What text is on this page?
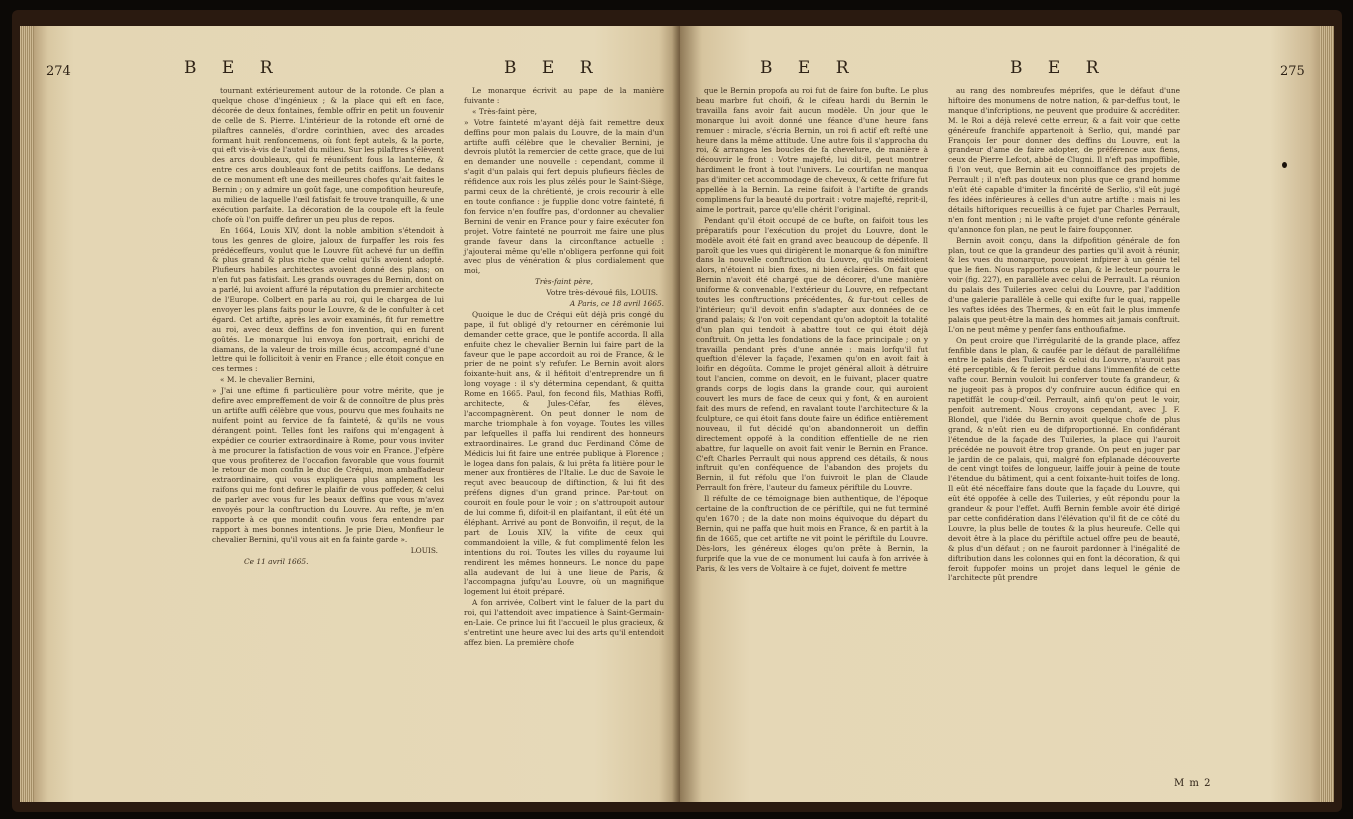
274	B E R	B E R

tournant extérieurement autour de la rotonde. Ce plan a quelque chose d'ingénieux ; & la place qui eft en face, décorée de deux fontaines, femble offrir en petit un fouvenir de celle de S. Pierre. L'intérieur de la rotonde eft orné de pilaftres cannelés, d'ordre corinthien, avec des arcades formant huit renfoncemens, où font fept autels, & la porte, qui eft vis-à-vis de l'autel du milieu. Sur les pilaftres s'élèvent des arcs doubleaux, qui fe réunifsent fous la lanterne, & entre ces arcs doubleaux font de petits caiffons. Le dedans de ce monument eft une des meilleures chofes qu'ait faites le Bernin ; on y admire un goût fage, une compofition heureufe, au milieu de laquelle l'œil fatisfait fe trouve tranquille, & une exécution parfaite. La décoration de la coupole eft la feule chofe où l'on puiffe defirer un peu plus de repos.

En 1664, Louis XIV, dont la noble ambition s'étendoit à tous les genres de gloire, jaloux de furpaffer les rois fes prédéceffeurs, voulut que le Louvre fût achevé fur un deffin & plus grand & plus riche que celui qu'ils avoient adopté. Plufieurs habiles architectes avoient donné des plans; on n'en fut pas fatisfait. Les grands ouvrages du Bernin, dont on a parlé, lui avoient affuré la réputation du premier architecte de l'Europe. Colbert en parla au roi, qui le chargea de lui envoyer les plans faits pour le Louvre, & de le confulter à cet égard. Cet artifte, après les avoir examinés, fit fur remettre au roi, avec deux deffins de fon invention, qui en furent goûtés. Le monarque lui envoya fon portrait, enrichi de diamans, de la valeur de trois mille écus, accompagné d'une lettre qui le follicitoit à venir en France ; elle étoit conçue en ces termes :

« M. le chevalier Bernini,

» J'ai une eftime fi particulière pour votre mérite, que je defire avec empreffement de voir & de connoître de plus près un artifte auffi célèbre que vous, pourvu que mes fouhaits ne nuifent point au fervice de fa fainteté, & qu'ils ne vous dérangent point. Telles font les raifons qui m'engagent à expédier ce courier extraordinaire à Rome, pour vous inviter à me procurer la fatisfaction de vous voir en France. J'efpère que vous profiterez de l'occafion favorable que vous fournit le retour de mon coufin le duc de Créqui, mon ambaffadeur extraordinaire, qui vous expliquera plus amplement les raifons qui me font defirer le plaifir de vous poffeder, & celui de parler avec vous fur les beaux deffins que vous m'avez envoyés pour la conftruction du Louvre. Au refte, je m'en rapporte à ce que mondit coufin vous fera entendre par rapport à mes bonnes intentions. Je prie Dieu, Monfieur le chevalier Bernini, qu'il vous ait en fa fainte garde ».

LOUIS.

Ce 11 avril 1665.

Le monarque écrivit au pape de la manière fuivante :

« Très-faint père,

» Votre fainteté m'ayant déjà fait remettre deux deffins pour mon palais du Louvre, de la main d'un artifte auffi célèbre que le chevalier Bernini, je devrois plutôt la remercier de cette grace, que de lui en demander une nouvelle : cependant, comme il s'agit d'un palais qui fert depuis plufieurs fiècles de réfidence aux rois les plus zélés pour le Saint-Siège, parmi ceux de la chrétienté, je crois recourir à elle en toute confiance : je fupplie donc votre fainteté, fi fon fervice n'en fouffre pas, d'ordonner au chevalier Bernini de venir en France pour y faire exécuter fon projet. Votre fainteté ne pourroit me faire une plus grande faveur dans la circonftance actuelle : j'ajouterai même qu'elle n'obligera perfonne qui foit avec plus de vénération & plus cordialement que moi,

Très-faint père,

Votre très-dévoué fils, LOUIS.

A Paris, ce 18 avril 1665.

Quoique le duc de Créqui eût déjà pris congé du pape, il fut obligé d'y retourner en cérémonie lui demander cette grace, que le pontife accorda. Il alla enfuite chez le chevalier Bernin lui faire part de la faveur que le pape accordoit au roi de France, & le prier de ne point s'y refufer. Le Bernin avoit alors foixante-huit ans, & il héfitoit d'entreprendre un fi long voyage : il s'y détermina cependant, & quitta Rome en 1665. Paul, fon fecond fils, Mathias Roffi, architecte, & Jules-Céfar, fes élèves, l'accompagnèrent. On peut donner le nom de marche triomphale à fon voyage. Toutes les villes par lefquelles il paffa lui rendirent des honneurs extraordinaires. Le grand duc Ferdinand Côme de Médicis lui fit faire une entrée publique à Florence ; le logea dans fon palais, & lui prêta fa litière pour le mener aux frontières de l'Italie. Le duc de Savoie le reçut avec beaucoup de diftinction, & lui fit des préfens dignes d'un grand prince. Par-tout on couroit en foule pour le voir ; on s'attroupoit autour de lui comme fi, difoit-il en plaifantant, il eût été un éléphant. Arrivé au pont de Bonvoifin, il reçut, de la part de Louis XIV, la vifite de ceux qui commandoient la ville, & fut complimenté felon les intentions du roi. Toutes les villes du royaume lui rendirent les mêmes honneurs. Le nonce du pape alla audevant de lui à une lieue de Paris, & l'accompagna jufqu'au Louvre, où un magnifique logement lui étoit préparé.

A fon arrivée, Colbert vint le faluer de la part du roi, qui l'attendoit avec impatience à Saint-Germain-en-Laie. Ce prince lui fit l'accueil le plus gracieux, & s'entretint une heure avec lui des arts qu'il entendoit affez bien. La première chofe

B E R	B E R	275

que le Bernin propofa au roi fut de faire fon bufte. Le plus beau marbre fut choifi, & le cifeau hardi du Bernin le travailla fans avoir fait aucun modèle. Un jour que le monarque lui avoit donné une féance d'une heure fans remuer : miracle, s'écria Bernin, un roi fi actif eft refté une heure dans la même attitude. Une autre fois il s'approcha du roi, & arrangea les boucles de fa chevelure, de manière à découvrir le front : Votre majefté, lui dit-il, peut montrer hardiment le front à tout l'univers. Le courtifan ne manqua pas d'imiter cet accommodage de cheveux, & cette frifure fut appellée à la Bernin. La reine faifoit à l'artifte de grands complimens fur la beauté du portrait : votre majefté, reprit-il, aime le portrait, parce qu'elle chérit l'original.

Pendant qu'il étoit occupé de ce bufte, on faifoit tous les préparatifs pour l'exécution du projet du Louvre, dont le modèle avoit été fait en grand avec beaucoup de dépenfe. Il paroît que les vues qui dirigèrent le monarque & fon miniftre dans la nouvelle conftruction du Louvre, qu'ils méditoient alors, n'étoient ni bien fixes, ni bien éclairées. On fait que Bernin n'avoit été chargé que de décorer, d'une manière uniforme & convenable, l'extérieur du Louvre, en refpectant toutes les conftructions précédentes, & fur-tout celles de l'intérieur; qu'il devoit enfin s'adapter aux données de ce grand palais; & l'on voit cependant qu'on adoptoit la totalité d'un plan qui tendoit à abattre tout ce qui étoit déjà conftruit. On jetta les fondations de la face principale ; on y travailla pendant près d'une année : mais lorfqu'il fut queftion d'élever la façade, l'examen qu'on en avoit fait à loifir en dégoûta. Comme le projet général alloit à détruire tout l'ancien, comme on devoit, en le fuivant, placer quatre grands corps de logis dans la grande cour, qui auroient couvert les murs de face de ceux qui y font, & en auroient fait des murs de refend, en ravalant toute l'architecture & la fculpture, ce qui étoit fans doute faire un édifice entièrement nouveau, il fut décidé qu'on abandonneroit un deffin directement oppofé à la condition effentielle de ne rien abattre, fur laquelle on avoit fait venir le Bernin en France. C'eft Charles Perrault qui nous apprend ces détails, & nous inftruit qu'en conféquence de l'abandon des projets du Bernin, il fut réfolu que l'on fuivroit le plan de Claude Perrault fon frère, l'auteur du fameux périftile du Louvre.

Il réfulte de ce témoignage bien authentique, de l'époque certaine de la conftruction de ce périftile, qui ne fut terminé qu'en 1670 ; de la date non moins équivoque du départ du Bernin, qui ne paffa que huit mois en France, & en partit à la fin de 1665, que cet artifte ne vit point le périftile du Louvre. Dès-lors, les généreux éloges qu'on prête à Bernin, la furprife que la vue de ce monument lui caufa à fon arrivée à Paris, & les vers de Voltaire à ce fujet, doivent fe mettre

au rang des nombreufes méprifes, que le défaut d'une hiftoire des monumens de notre nation, & par-deffus tout, le manque d'infcriptions, ne peuvent que produire & accréditer. M. le Roi a déjà relevé cette erreur, & a fait voir que cette généreufe franchife appartenoit à Serlio, qui, mandé par François Ier pour donner des deffins du Louvre, eut la grandeur d'ame de faire adopter, de préférence aux fiens, ceux de Pierre Lefcot, abbé de Clugni. Il n'eft pas impoffible, fi l'on veut, que Bernin ait eu connoiffance des projets de Perrault ; il n'eft pas douteux non plus que ce grand homme n'eût été capable d'imiter la fincérité de Serlio, s'il eût jugé fes idées inférieures à celles d'un autre artifte : mais ni les détails hiftoriques recueillis à ce fujet par Charles Perrault, n'en font mention ; ni le vafte projet d'une refonte générale qu'annonce fon plan, ne peut le faire foupçonner.

Bernin avoit conçu, dans la difpofition générale de fon plan, tout ce que la grandeur des parties qu'il avoit à réunir, & les vues du monarque, pouvoient infpirer à un génie tel que le fien. Nous rapportons ce plan, & le lecteur pourra le voir (fig. 227), en parallèle avec celui de Perrault. La réunion du palais des Tuileries avec celui du Louvre, par l'addition d'une galerie parallèle à celle qui exifte fur le quai, rappelle les vaftes idées des Thermes, & en eût fait le plus immenfe palais que peut-être la main des hommes ait jamais conftruit. L'on ne peut même y penfer fans enthoufiafme.

On peut croire que l'irrégularité de la grande place, affez fenfible dans le plan, & caufée par le défaut de parallélifme entre le palais des Tuileries & celui du Louvre, n'auroit pas été perceptible, & fe feroit perdue dans l'immenfité de cette vafte cour. Bernin vouloit lui conferver toute fa grandeur, & ne jugeoit pas à propos d'y confruire aucun édifice qui en rapetiffât le coup-d'œil. Perrault, ainfi qu'on peut le voir, penfoit autrement. Nous croyons cependant, avec J. F. Blondel, que l'idée du Bernin avoit quelque chofe de plus grand, & n'eût rien eu de difproportionné. En confidérant l'étendue de la façade des Tuileries, la place qui l'auroit précédée ne pouvoit être trop grande. On peut en juger par le jardin de ce palais, qui, malgré fon efplanade découverte de cent vingt toifes de longueur, laiffe jouir à peine de toute l'étendue du bâtiment, qui a cent foixante-huit toifes de long. Il eût été néceffaire fans doute que la façade du Louvre, qui eût été oppofée à celle des Tuileries, y eût répondu pour la grandeur & pour l'effet. Auffi Bernin femble avoir été dirigé par cette confidération dans l'élévation qu'il fit de ce côté du Louvre, la plus belle de toutes & la plus heureufe. Celle qui devoit être à la place du périftile actuel offre peu de beauté, & plus d'un défaut ; on ne fauroit pardonner à l'inégalité de diftribution dans les colonnes qui en font la décoration, & qui feroit fuppofer moins un projet dans lequel le génie de l'architecte pût prendre

M m 2
